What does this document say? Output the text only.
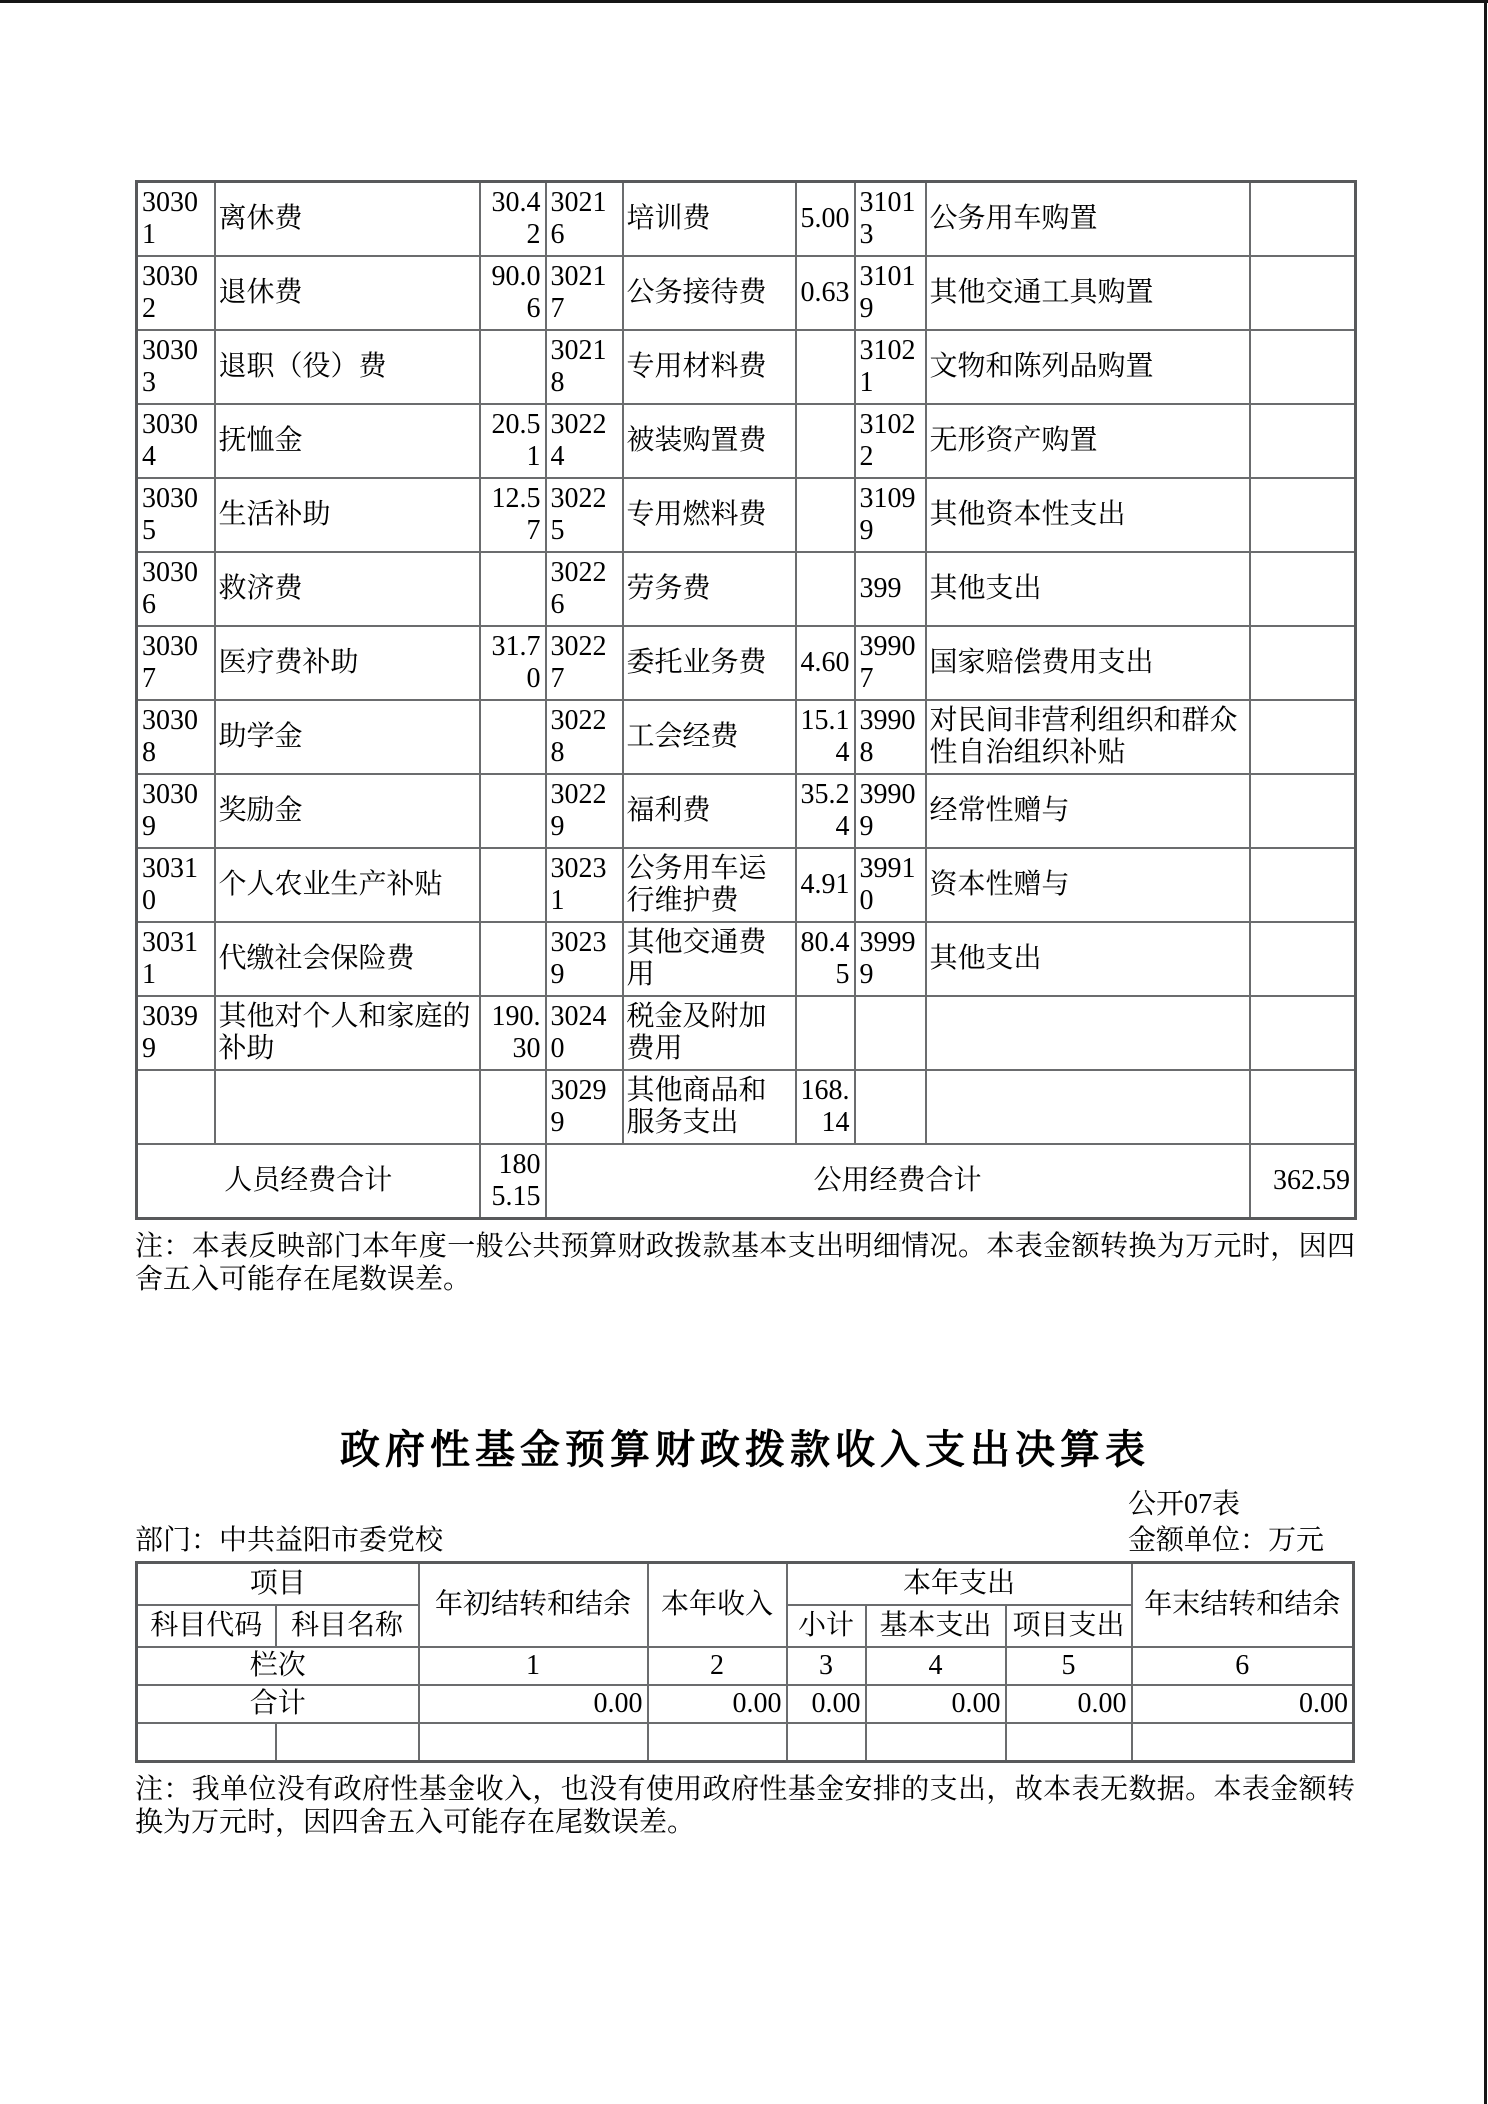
30301	离休费	30.42	30216	培训费	5.00	31013	公务用车购置	
30302	退休费	90.06	30217	公务接待费	0.63	31019	其他交通工具购置	
30303	退职（役）费		30218	专用材料费		31021	文物和陈列品购置	
30304	抚恤金	20.51	30224	被装购置费		31022	无形资产购置	
30305	生活补助	12.57	30225	专用燃料费		31099	其他资本性支出	
30306	救济费		30226	劳务费		399	其他支出	
30307	医疗费补助	31.70	30227	委托业务费	4.60	39907	国家赔偿费用支出	
30308	助学金		30228	工会经费	15.14	39908	对民间非营利组织和群众性自治组织补贴	
30309	奖励金		30229	福利费	35.24	39909	经常性赠与	
30310	个人农业生产补贴		30231	公务用车运行维护费	4.91	39910	资本性赠与	
30311	代缴社会保险费		30239	其他交通费用	80.45	39999	其他支出	
30399	其他对个人和家庭的补助	190.30	30240	税金及附加费用				
			30299	其他商品和服务支出	168.14			
人员经费合计		1805.15	公用经费合计					362.59

注：本表反映部门本年度一般公共预算财政拨款基本支出明细情况。本表金额转换为万元时，因四舍五入可能存在尾数误差。

政府性基金预算财政拨款收入支出决算表
公开07表
部门：中共益阳市委党校	金额单位：万元
项目		年初结转和结余	本年收入	本年支出			年末结转和结余
科目代码	科目名称			小计	基本支出	项目支出	
栏次		1	2	3	4	5	6
合计		0.00	0.00	0.00	0.00	0.00	0.00

注：我单位没有政府性基金收入，也没有使用政府性基金安排的支出，故本表无数据。本表金额转换为万元时，因四舍五入可能存在尾数误差。
